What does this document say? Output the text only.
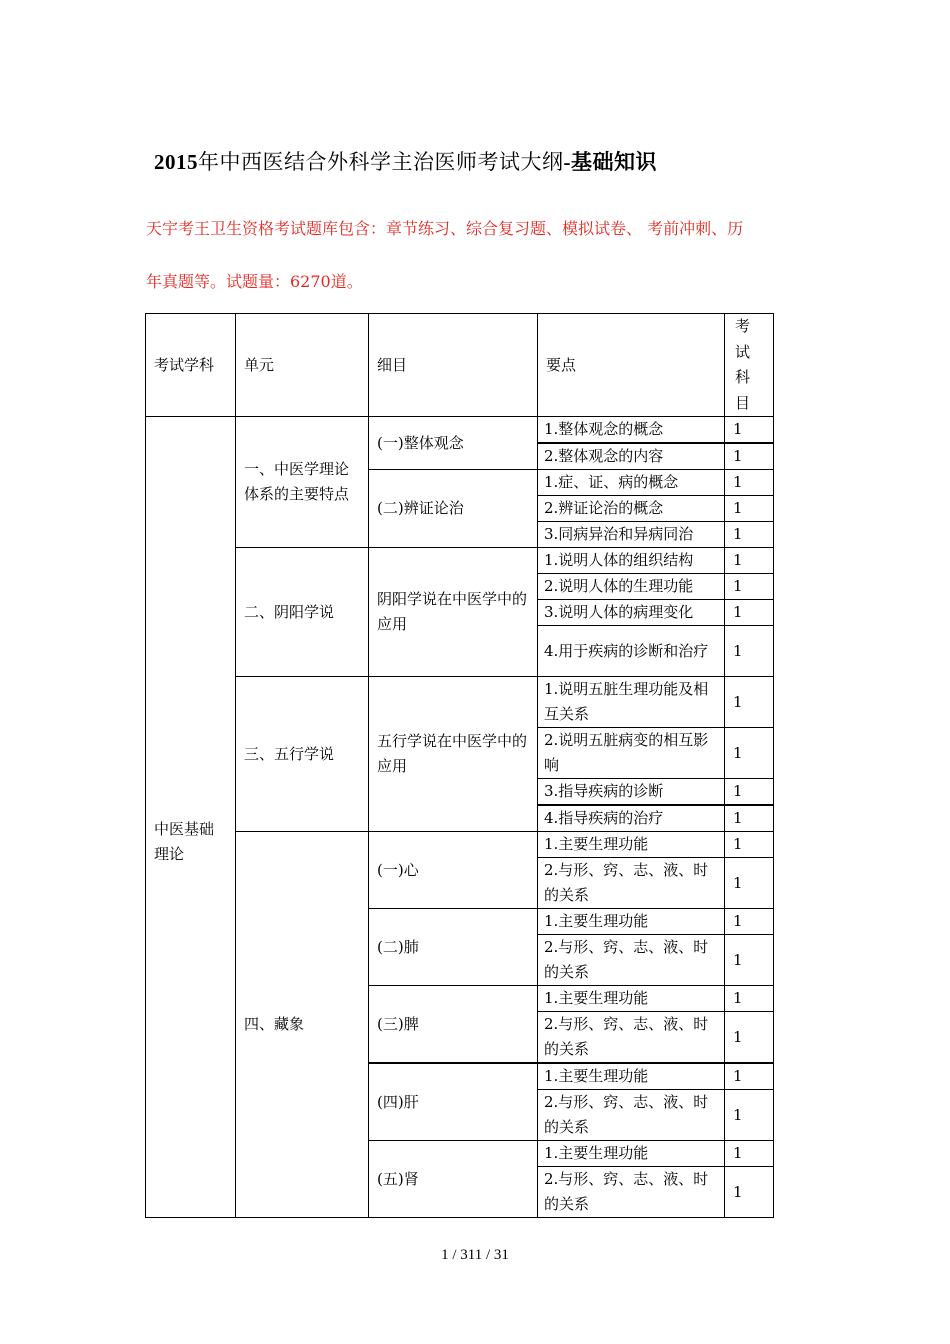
2015年中西医结合外科学主治医师考试大纲-基础知识
天宇考王卫生资格考试题库包含：章节练习、综合复习题、模拟试卷、 考前冲刺、历
年真题等。试题量：6270道。
考试学科	单元	细目	要点	考试科目

中医基础理论	一、中医学理论体系的主要特点	(一)整体观念	1.整体观念的概念	1
			2.整体观念的内容	1
		(二)辨证论治	1.症、证、病的概念	1
			2.辨证论治的概念	1
			3.同病异治和异病同治	1
	二、阴阳学说	阴阳学说在中医学中的应用	1.说明人体的组织结构	1
			2.说明人体的生理功能	1
			3.说明人体的病理变化	1
			4.用于疾病的诊断和治疗	1
	三、五行学说	五行学说在中医学中的应用	1.说明五脏生理功能及相互关系	1
			2.说明五脏病变的相互影响	1
			3.指导疾病的诊断	1
			4.指导疾病的治疗	1
	四、藏象	(一)心	1.主要生理功能	1
			2.与形、窍、志、液、时的关系	1
		(二)肺	1.主要生理功能	1
			2.与形、窍、志、液、时的关系	1
		(三)脾	1.主要生理功能	1
			2.与形、窍、志、液、时的关系	1
		(四)肝	1.主要生理功能	1
			2.与形、窍、志、液、时的关系	1
		(五)肾	1.主要生理功能	1
			2.与形、窍、志、液、时的关系	1
1 / 311 / 31
